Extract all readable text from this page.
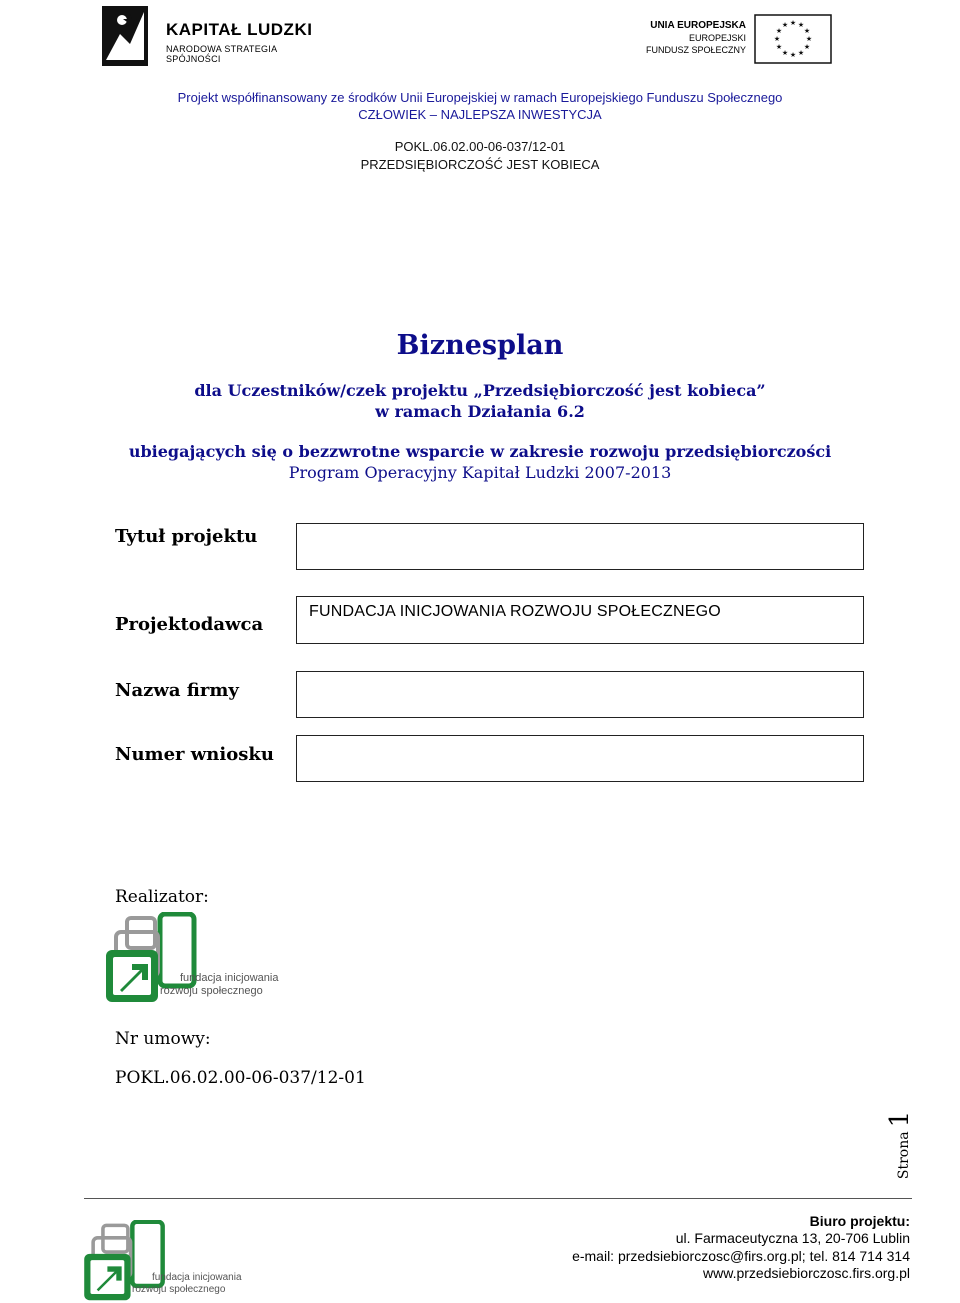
KAPITAŁ LUDZKI
NARODOWA STRATEGIA SPÓJNOŚCI
UNIA EUROPEJSKA
EUROPEJSKI
FUNDUSZ SPOŁECZNY
★ ★
★
★
★
★
★
★
★
★
★
★
Projekt współfinansowany ze środków Unii Europejskiej w ramach Europejskiego Funduszu Społecznego
CZŁOWIEK – NAJLEPSZA INWESTYCJA
POKL.06.02.00-06-037/12-01
PRZEDSIĘBIORCZOŚĆ JEST KOBIECA
Biznesplan
dla Uczestników/czek projektu „Przedsiębiorczość jest kobieca”
w ramach Działania 6.2
ubiegających się o bezzwrotne wsparcie w zakresie rozwoju przedsiębiorczości
Program Operacyjny Kapitał Ludzki 2007-2013
Tytuł projektu
Projektodawca
FUNDACJA INICJOWANIA ROZWOJU SPOŁECZNEGO
Nazwa firmy
Numer wniosku
Realizator:
fundacja inicjowania
rozwoju społecznego
Nr umowy:
POKL.06.02.00-06-037/12-01
Strona1
fundacja inicjowania
rozwoju społecznego
Biuro projektu:
ul. Farmaceutyczna 13, 20-706 Lublin
e-mail: przedsiebiorczosc@firs.org.pl; tel. 814 714 314
www.przedsiebiorczosc.firs.org.pl
